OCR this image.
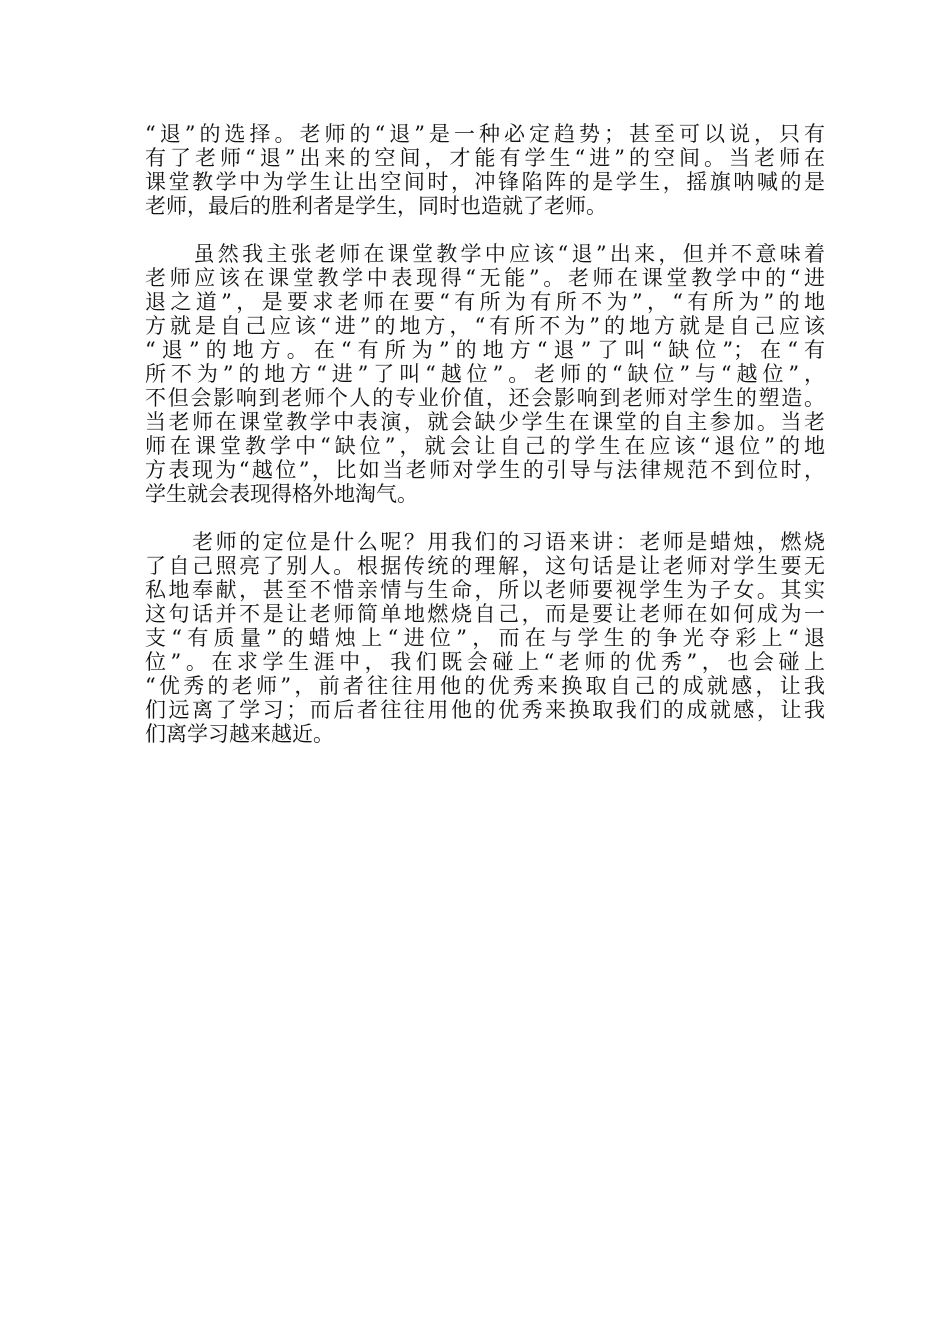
“退”的选择。老师的“退”是一种必定趋势；甚至可以说，只有
有了老师“退”出来的空间，才能有学生“进”的空间。当老师在
课堂教学中为学生让出空间时，冲锋陷阵的是学生，摇旗呐喊的是
老师，最后的胜利者是学生，同时也造就了老师。
　　虽然我主张老师在课堂教学中应该“退”出来，但并不意味着
老师应该在课堂教学中表现得“无能”。老师在课堂教学中的“进
退之道”，是要求老师在要“有所为有所不为”，“有所为”的地
方就是自己应该“进”的地方，“有所不为”的地方就是自己应该
“退”的地方。在“有所为”的地方“退”了叫“缺位”；在“有
所不为”的地方“进”了叫“越位”。老师的“缺位”与“越位”，
不但会影响到老师个人的专业价值，还会影响到老师对学生的塑造。
当老师在课堂教学中表演，就会缺少学生在课堂的自主参加。当老
师在课堂教学中“缺位”，就会让自己的学生在应该“退位”的地
方表现为“越位”，比如当老师对学生的引导与法律规范不到位时，
学生就会表现得格外地淘气。
　　老师的定位是什么呢？用我们的习语来讲：老师是蜡烛，燃烧
了自己照亮了别人。根据传统的理解，这句话是让老师对学生要无
私地奉献，甚至不惜亲情与生命，所以老师要视学生为子女。其实
这句话并不是让老师简单地燃烧自己，而是要让老师在如何成为一
支“有质量”的蜡烛上“进位”，而在与学生的争光夺彩上“退
位”。在求学生涯中，我们既会碰上“老师的优秀”，也会碰上
“优秀的老师”，前者往往用他的优秀来换取自己的成就感，让我
们远离了学习；而后者往往用他的优秀来换取我们的成就感，让我
们离学习越来越近。
